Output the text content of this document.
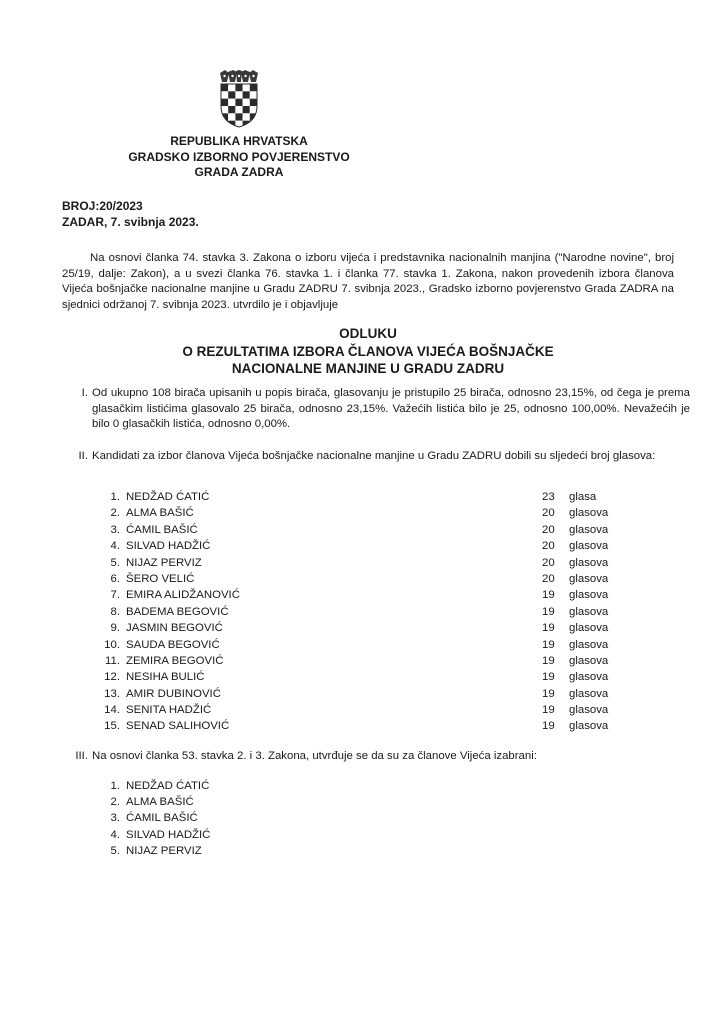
REPUBLIKA HRVATSKA
GRADSKO IZBORNO POVJERENSTVO
GRADA ZADRA
BROJ:20/2023
ZADAR, 7. svibnja 2023.

Na osnovi članka 74. stavka 3. Zakona o izboru vijeća i predstavnika nacionalnih manjina ("Narodne novine", broj 25/19, dalje: Zakon), a u svezi članka 76. stavka 1. i članka 77. stavka 1. Zakona, nakon provedenih izbora članova Vijeća bošnjačke nacionalne manjine u Gradu ZADRU 7. svibnja 2023., Gradsko izborno povjerenstvo Grada ZADRA na sjednici održanoj 7. svibnja 2023. utvrdilo je i objavljuje

ODLUKU
O REZULTATIMA IZBORA ČLANOVA VIJEĆA BOŠNJAČKE
NACIONALNE MANJINE U GRADU ZADRU
I. Od ukupno 108 birača upisanih u popis birača, glasovanju je pristupilo 25 birača, odnosno 23,15%, od čega je prema glasačkim listićima glasovalo 25 birača, odnosno 23,15%. Važećih listića bilo je 25, odnosno 100,00%. Nevažećih je bilo 0 glasačkih listića, odnosno 0,00%.
II. Kandidati za izbor članova Vijeća bošnjačke nacionalne manjine u Gradu ZADRU dobili su sljedeći broj glasova:
1. NEDŽAD ĆATIĆ	23	glasa
2. ALMA BAŠIĆ	20	glasova
3. ĆAMIL BAŠIĆ	20	glasova
4. SILVAD HADŽIĆ	20	glasova
5. NIJAZ PERVIZ	20	glasova
6. ŠERO VELIĆ	20	glasova
7. EMIRA ALIDŽANOVIĆ	19	glasova
8. BADEMA BEGOVIĆ	19	glasova
9. JASMIN BEGOVIĆ	19	glasova
10. SAUDA BEGOVIĆ	19	glasova
11. ZEMIRA BEGOVIĆ	19	glasova
12. NESIHA BULIĆ	19	glasova
13. AMIR DUBINOVIĆ	19	glasova
14. SENITA HADŽIĆ	19	glasova
15. SENAD SALIHOVIĆ	19	glasova
III. Na osnovi članka 53. stavka 2. i 3. Zakona, utvrđuje se da su za članove Vijeća izabrani:
1. NEDŽAD ĆATIĆ
2. ALMA BAŠIĆ
3. ĆAMIL BAŠIĆ
4. SILVAD HADŽIĆ
5. NIJAZ PERVIZ
